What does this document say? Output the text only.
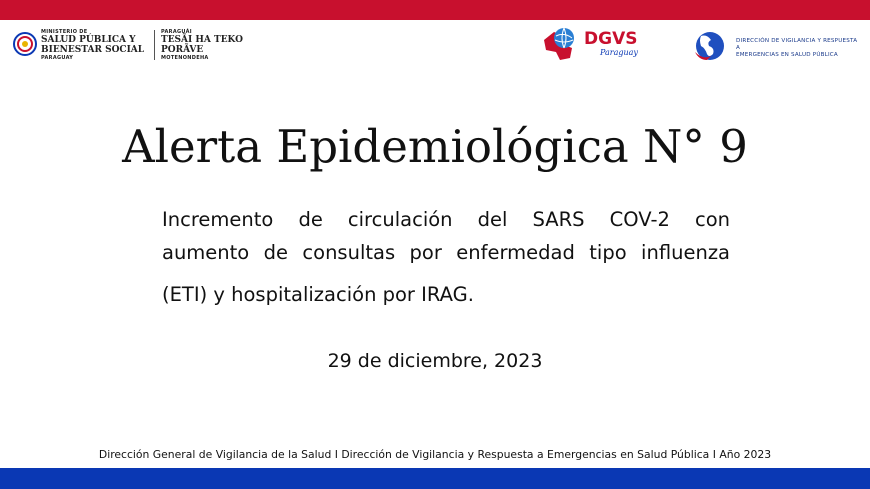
MINISTERIO DE
SALUD PÚBLICA Y
BIENESTAR SOCIAL
PARAGUAY
PARAGUÁI
TESÃI HA TEKO
PORÃVE
MOTENONDEHA
DGVS
Paraguay
DIRECCIÓN DE VIGILANCIA Y RESPUESTA A
EMERGENCIAS EN SALUD PÚBLICA
Alerta Epidemiológica N° 9
Incremento de circulación del SARS COV-2 con
aumento de consultas por enfermedad tipo influenza
(ETI) y hospitalización por IRAG.
29 de diciembre, 2023
Dirección General de Vigilancia de la Salud I Dirección de Vigilancia y Respuesta a Emergencias en Salud Pública I Año 2023
